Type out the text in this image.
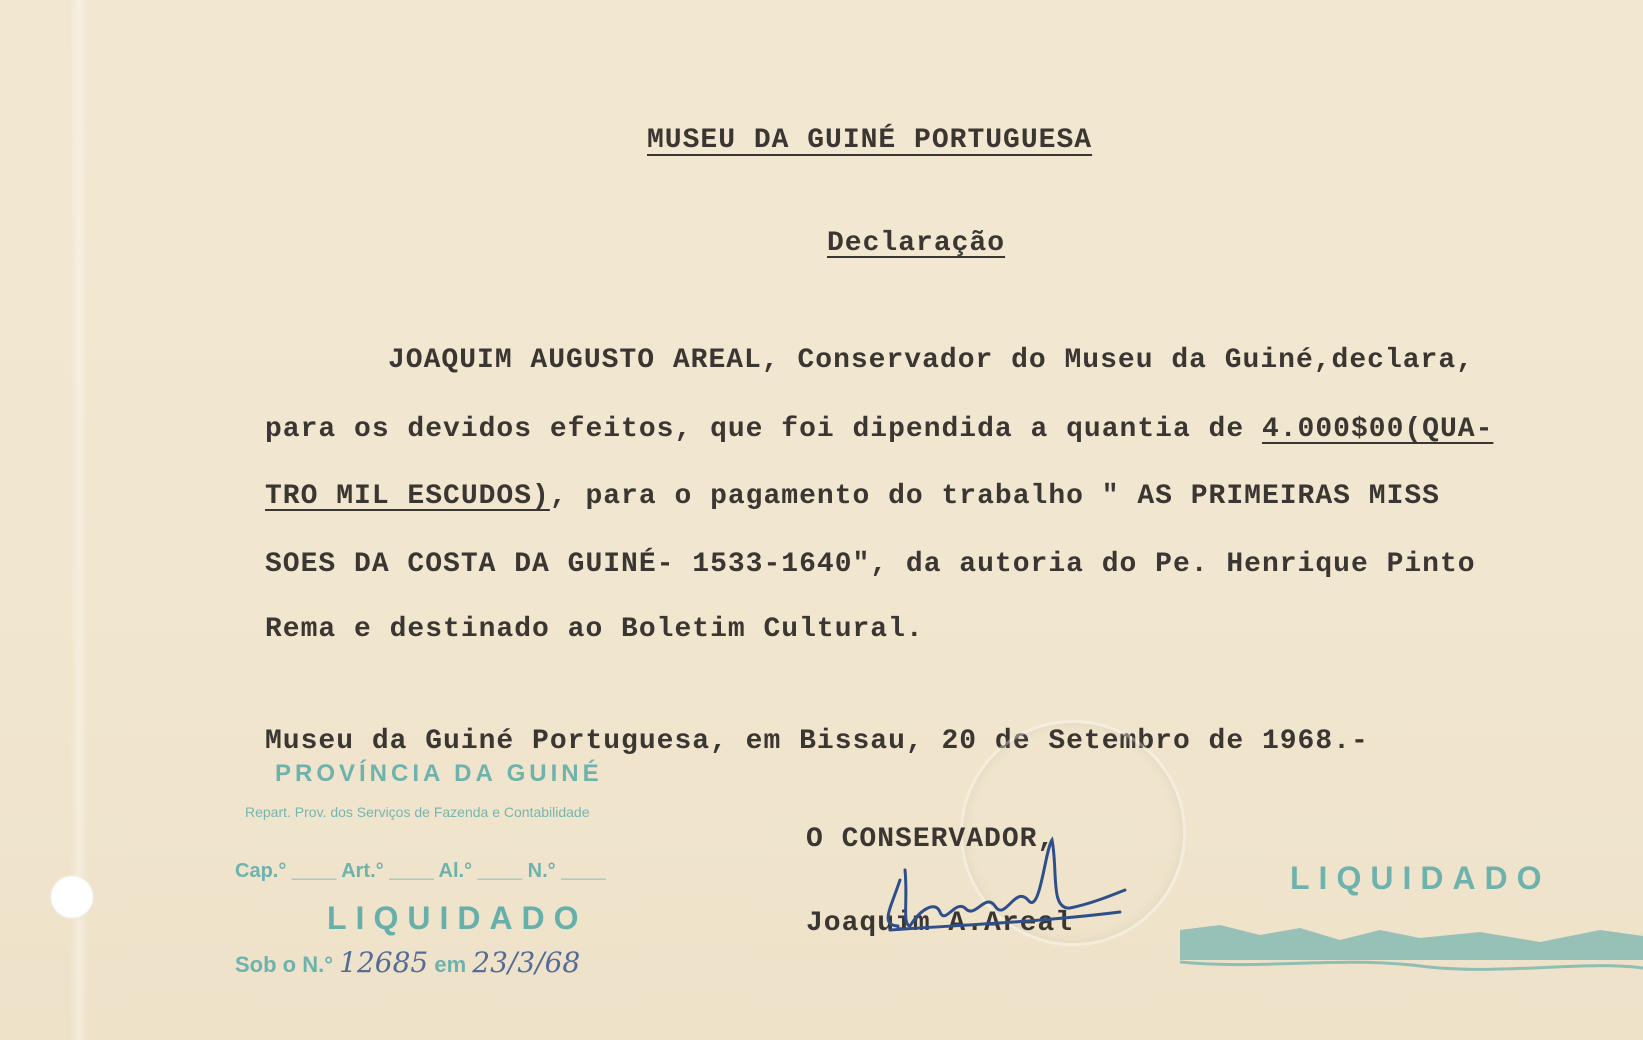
MUSEU DA GUINÉ PORTUGUESA
Declaração
JOAQUIM AUGUSTO AREAL, Conservador do Museu da Guiné,declara,
para os devidos efeitos, que foi dipendida a quantia de 4.000$00(QUA-
TRO MIL ESCUDOS), para o pagamento do trabalho " AS PRIMEIRAS MISS
SOES DA COSTA DA GUINÉ- 1533-1640", da autoria do Pe. Henrique Pinto
Rema e destinado ao Boletim Cultural.
Museu da Guiné Portuguesa, em Bissau, 20 de Setembro de 1968.-
O CONSERVADOR,
Joaquim A.Areal
PROVÍNCIA DA GUINÉ
Repart. Prov. dos Serviços de Fazenda e Contabilidade
Cap.° ____ Art.° ____ Al.° ____ N.° ____
LIQUIDADO
Sob o N.° 12685 em 23/3/68
LIQUIDADO
